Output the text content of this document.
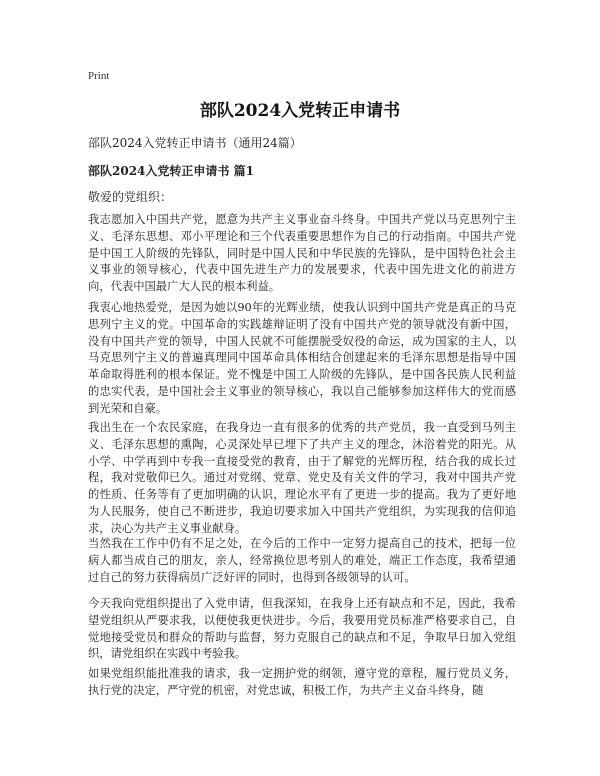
Print
部队2024入党转正申请书
部队2024入党转正申请书（通用24篇）
部队2024入党转正申请书 篇1
敬爱的党组织：

我志愿加入中国共产党，愿意为共产主义事业奋斗终身。中国共产党以马克思列宁主义、毛泽东思想、邓小平理论和三个代表重要思想作为自己的行动指南。中国共产党是中国工人阶级的先锋队，同时是中国人民和中华民族的先锋队，是中国特色社会主义事业的领导核心，代表中国先进生产力的发展要求，代表中国先进文化的前进方向，代表中国最广大人民的根本利益。

我衷心地热爱党，是因为她以90年的光辉业绩，使我认识到中国共产党是真正的马克思列宁主义的党。中国革命的实践雄辩证明了没有中国共产党的领导就没有新中国，没有中国共产党的领导，中国人民就不可能摆脱受奴役的命运，成为国家的主人，以马克思列宁主义的普遍真理同中国革命具体相结合创建起来的毛泽东思想是指导中国革命取得胜利的根本保证。党不愧是中国工人阶级的先锋队，是中国各民族人民利益的忠实代表，是中国社会主义事业的领导核心，我以自己能够参加这样伟大的党而感到光荣和自豪。

我出生在一个农民家庭，在我身边一直有很多的优秀的共产党员，我一直受到马列主义、毛泽东思想的熏陶，心灵深处早已埋下了共产主义的理念，沐浴着党的阳光。从小学、中学再到中专我一直接受党的教育，由于了解党的光辉历程，结合我的成长过程，我对党敬仰已久。通过对党纲、党章、党史及有关文件的学习，我对中国共产党的性质、任务等有了更加明确的认识，理论水平有了更进一步的提高。我为了更好地为人民服务，使自己不断进步，我迫切要求加入中国共产党组织，为实现我的信仰追求，决心为共产主义事业献身。

当然我在工作中仍有不足之处，在今后的工作中一定努力提高自己的技术，把每一位病人都当成自己的朋友，亲人，经常换位思考别人的难处，端正工作态度，我希望通过自己的努力获得病员广泛好评的同时，也得到各级领导的认可。

今天我向党组织提出了入党申请，但我深知，在我身上还有缺点和不足，因此，我希望党组织从严要求我，以便使我更快进步。今后，我要用党员标准严格要求自己，自觉地接受党员和群众的帮助与监督，努力克服自己的缺点和不足，争取早日加入党组织，请党组织在实践中考验我。

如果党组织能批准我的请求，我一定拥护党的纲领，遵守党的章程，履行党员义务，执行党的决定，严守党的机密，对党忠诚，积极工作，为共产主义奋斗终身，随
